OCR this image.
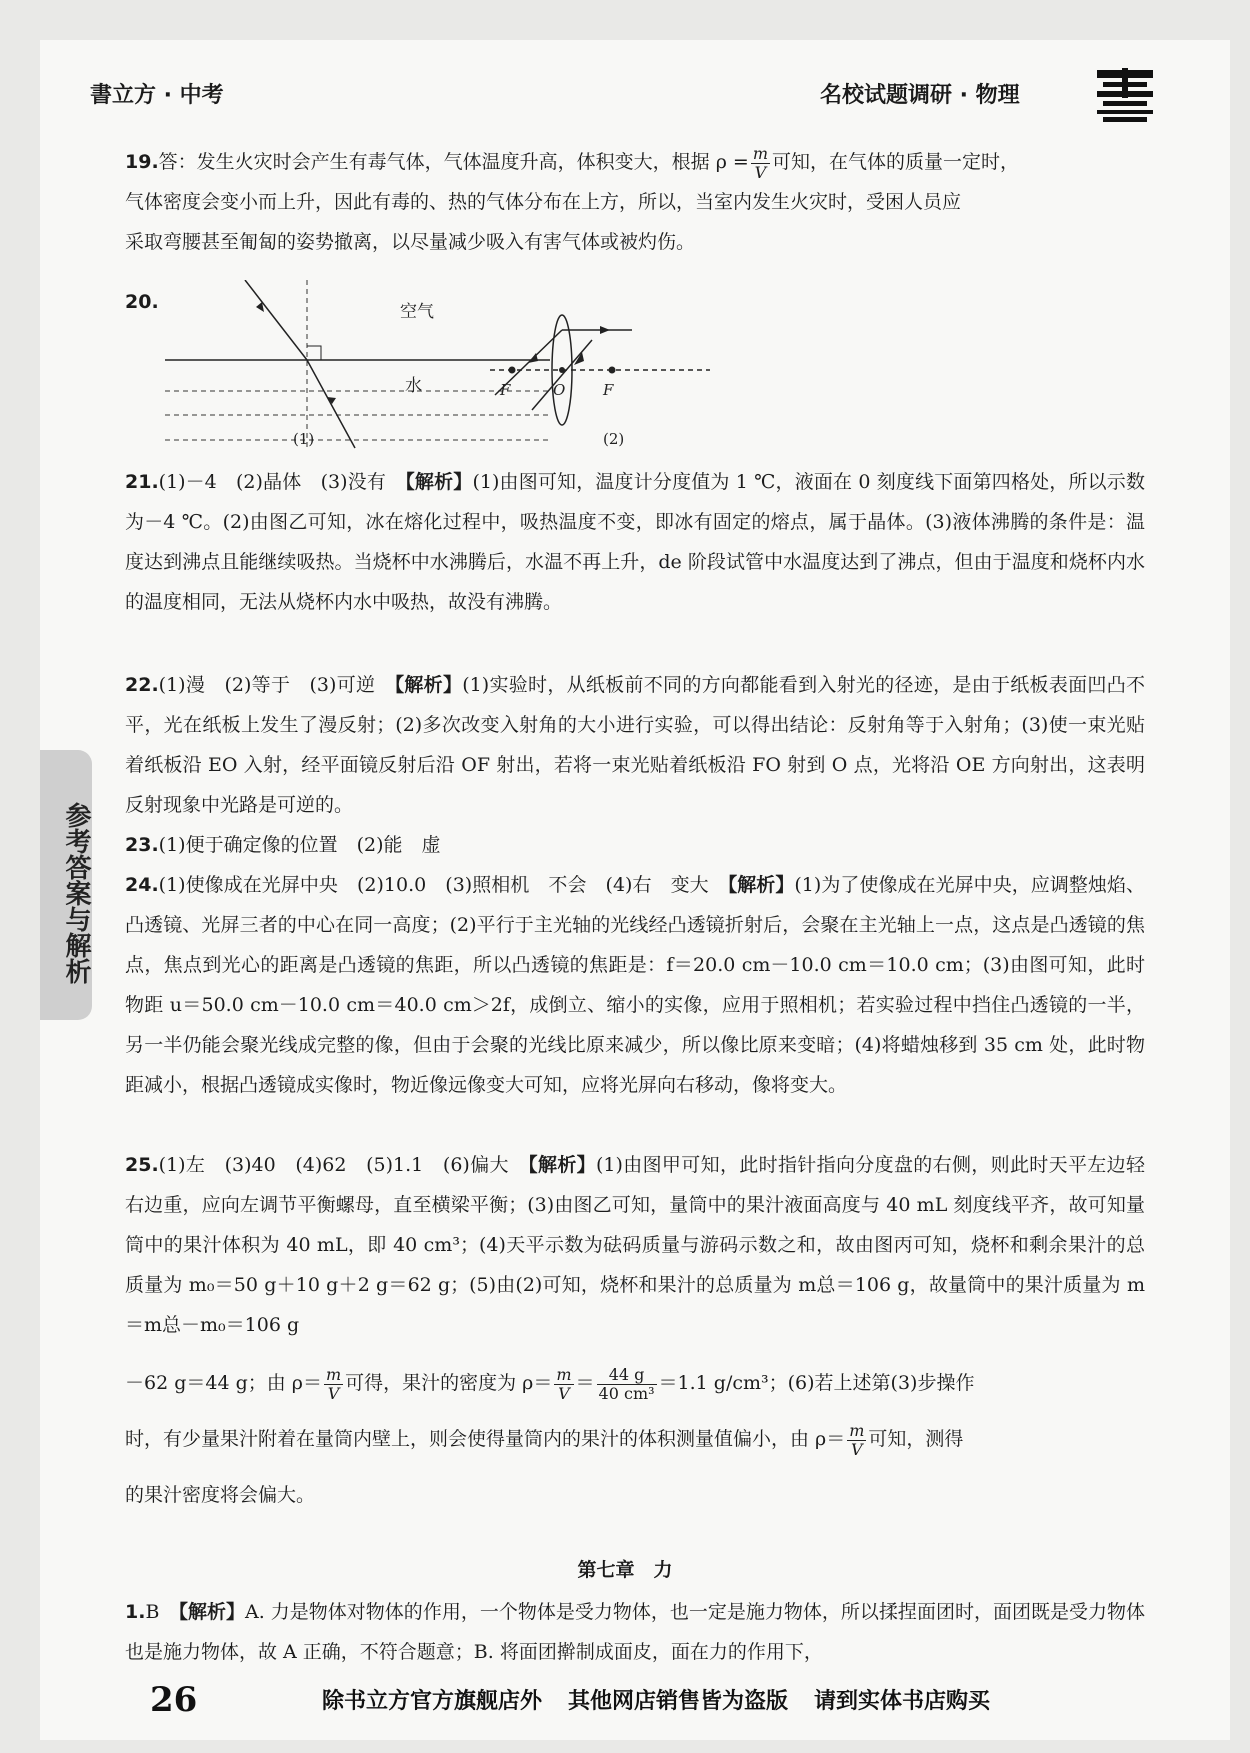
書立方 · 中考	名校试题调研 · 物理
参考答案与解析
19.答：发生火灾时会产生有毒气体，气体温度升高，体积变大，根据 $\rho = \frac{m}{V}$ 可知，在气体的质量一定时，
气体密度会变小而上升，因此有毒的、热的气体分布在上方，所以，当室内发生火灾时，受困人员应
采取弯腰甚至匍匐的姿势撤离，以尽量减少吸入有害气体或被灼伤。
20.	空气
水	F	O	F
(1)	(2)
21.(1)－4　(2)晶体　(3)没有　【解析】(1)由图可知，温度计分度值为 1 ℃，液面在 0 刻度线下面第四格处，所以示数为－4 ℃。(2)由图乙可知，冰在熔化过程中，吸热温度不变，即冰有固定的熔点，属于晶体。(3)液体沸腾的条件是：温度达到沸点且能继续吸热。当烧杯中水沸腾后，水温不再上升，de 阶段试管中水温度达到了沸点，但由于温度和烧杯内水的温度相同，无法从烧杯内水中吸热，故没有沸腾。
22.(1)漫　(2)等于　(3)可逆　【解析】(1)实验时，从纸板前不同的方向都能看到入射光的径迹，是由于纸板表面凹凸不平，光在纸板上发生了漫反射；(2)多次改变入射角的大小进行实验，可以得出结论：反射角等于入射角；(3)使一束光贴着纸板沿 EO 入射，经平面镜反射后沿 OF 射出，若将一束光贴着纸板沿 FO 射到 O 点，光将沿 OE 方向射出，这表明反射现象中光路是可逆的。
23.(1)便于确定像的位置　(2)能　虚
24.(1)使像成在光屏中央　(2)10.0　(3)照相机　不会　(4)右　变大　【解析】(1)为了使像成在光屏中央，应调整烛焰、凸透镜、光屏三者的中心在同一高度；(2)平行于主光轴的光线经凸透镜折射后，会聚在主光轴上一点，这点是凸透镜的焦点，焦点到光心的距离是凸透镜的焦距，所以凸透镜的焦距是：f＝20.0 cm－10.0 cm＝10.0 cm；(3)由图可知，此时物距 u＝50.0 cm－10.0 cm＝40.0 cm＞2f，成倒立、缩小的实像，应用于照相机；若实验过程中挡住凸透镜的一半，另一半仍能会聚光线成完整的像，但由于会聚的光线比原来减少，所以像比原来变暗；(4)将蜡烛移到 35 cm 处，此时物距减小，根据凸透镜成实像时，物近像远像变大可知，应将光屏向右移动，像将变大。
25.(1)左　(3)40　(4)62　(5)1.1　(6)偏大　【解析】(1)由图甲可知，此时指针指向分度盘的右侧，则此时天平左边轻右边重，应向左调节平衡螺母，直至横梁平衡；(3)由图乙可知，量筒中的果汁液面高度与 40 mL 刻度线平齐，故可知量筒中的果汁体积为 40 mL，即 40 cm³；(4)天平示数为砝码质量与游码示数之和，故由图丙可知，烧杯和剩余果汁的总质量为 m₀＝50 g＋10 g＋2 g＝62 g；(5)由(2)可知，烧杯和果汁的总质量为 m总＝106 g，故量筒中的果汁质量为 m＝m总－m₀＝106 g
－62 g＝44 g；由 $\rho= \frac{m}{V}$ 可得，果汁的密度为 $\rho= \frac{m}{V} = \frac{44 g}{\text{40 cm³}} =1.1$ g/cm³；(6)若上述第(3)步操作
时，有少量果汁附着在量筒内壁上，则会使得量筒内的果汁的体积测量值偏小，由 $\rho= \frac{m}{V}$ 可知，测得
的果汁密度将会偏大。
第七章　力
1.B　【解析】A. 力是物体对物体的作用，一个物体是受力物体，也一定是施力物体，所以揉捏面团时，面团既是受力物体也是施力物体，故 A 正确，不符合题意；B. 将面团擀制成面皮，面在力的作用下，
26	除书立方官方旗舰店外 其他网店销售皆为盗版 请到实体书店购买
